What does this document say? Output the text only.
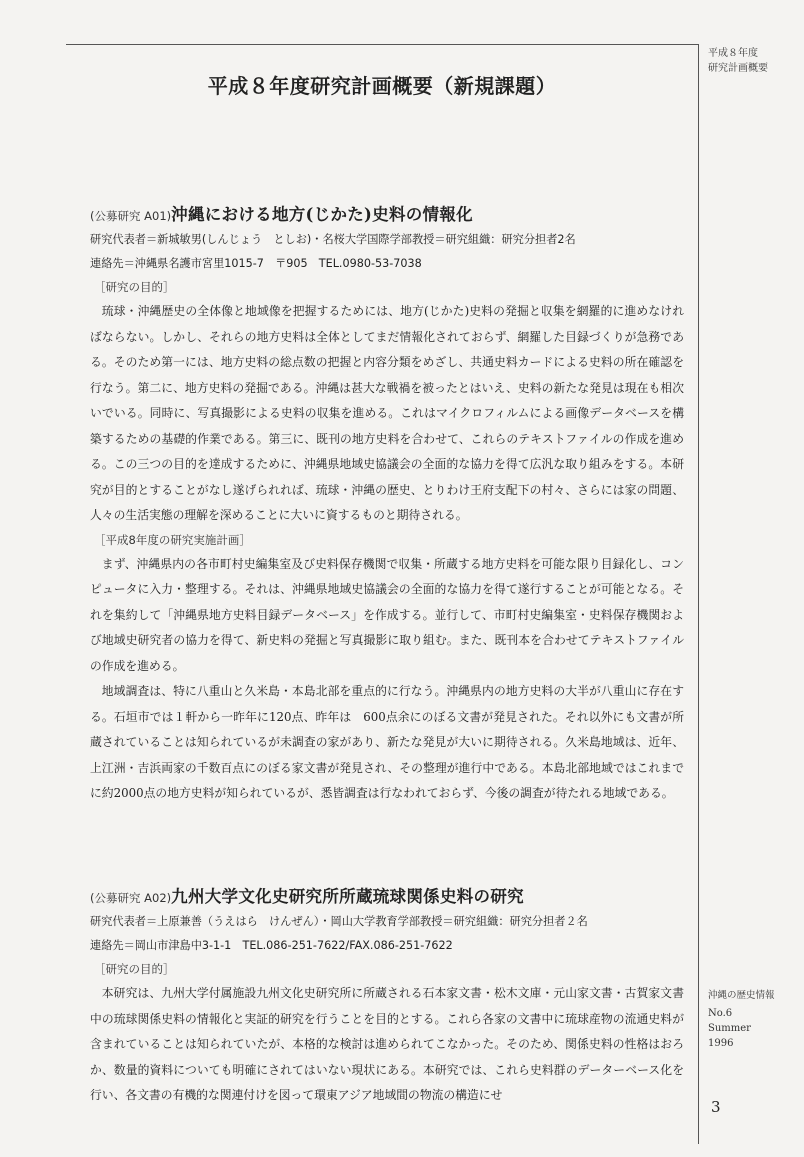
平成８年度
研究計画概要
平成８年度研究計画概要（新規課題）
(公募研究 A01)沖縄における地方(じかた)史料の情報化
研究代表者＝新城敏男(しんじょう　としお)・名桜大学国際学部教授＝研究組織：研究分担者2名
連絡先＝沖縄県名護市宮里1015-7　〒905　TEL.0980-53-7038
［研究の目的］

琉球・沖縄歴史の全体像と地域像を把握するためには、地方(じかた)史料の発掘と収集を網羅的に進めなければならない。しかし、それらの地方史料は全体としてまだ情報化されておらず、網羅した目録づくりが急務である。そのため第一には、地方史料の総点数の把握と内容分類をめざし、共通史料カードによる史料の所在確認を行なう。第二に、地方史料の発掘である。沖縄は甚大な戦禍を被ったとはいえ、史料の新たな発見は現在も相次いでいる。同時に、写真撮影による史料の収集を進める。これはマイクロフィルムによる画像データベースを構築するための基礎的作業である。第三に、既刊の地方史料を合わせて、これらのテキストファイルの作成を進める。この三つの目的を達成するために、沖縄県地域史協議会の全面的な協力を得て広汎な取り組みをする。本研究が目的とすることがなし遂げられれば、琉球・沖縄の歴史、とりわけ王府支配下の村々、さらには家の問題、人々の生活実態の理解を深めることに大いに資するものと期待される。

［平成8年度の研究実施計画］

まず、沖縄県内の各市町村史編集室及び史料保存機関で収集・所蔵する地方史料を可能な限り目録化し、コンピュータに入力・整理する。それは、沖縄県地域史協議会の全面的な協力を得て遂行することが可能となる。それを集約して「沖縄県地方史料目録データベース」を作成する。並行して、市町村史編集室・史料保存機関および地域史研究者の協力を得て、新史料の発掘と写真撮影に取り組む。また、既刊本を合わせてテキストファイルの作成を進める。

地域調査は、特に八重山と久米島・本島北部を重点的に行なう。沖縄県内の地方史料の大半が八重山に存在する。石垣市では１軒から一昨年に120点、昨年は　600点余にのぼる文書が発見された。それ以外にも文書が所蔵されていることは知られているが未調査の家があり、新たな発見が大いに期待される。久米島地域は、近年、上江洲・吉浜両家の千数百点にのぼる家文書が発見され、その整理が進行中である。本島北部地域ではこれまでに約2000点の地方史料が知られているが、悉皆調査は行なわれておらず、今後の調査が待たれる地域である。

(公募研究 A02)九州大学文化史研究所所蔵琉球関係史料の研究
研究代表者＝上原兼善（うえはら　けんぜん）・岡山大学教育学部教授＝研究組織：研究分担者２名
連絡先＝岡山市津島中3-1-1　TEL.086-251-7622/FAX.086-251-7622
［研究の目的］

本研究は、九州大学付属施設九州文化史研究所に所蔵される石本家文書・松木文庫・元山家文書・古賀家文書中の琉球関係史料の情報化と実証的研究を行うことを目的とする。これら各家の文書中に琉球産物の流通史料が含まれていることは知られていたが、本格的な検討は進められてこなかった。そのため、関係史料の性格はおろか、数量的資料についても明確にされてはいない現状にある。本研究では、これら史料群のデーターベース化を行い、各文書の有機的な関連付けを図って環東アジア地域間の物流の構造にせ

沖縄の歴史情報
No.6
Summer
1996
3
